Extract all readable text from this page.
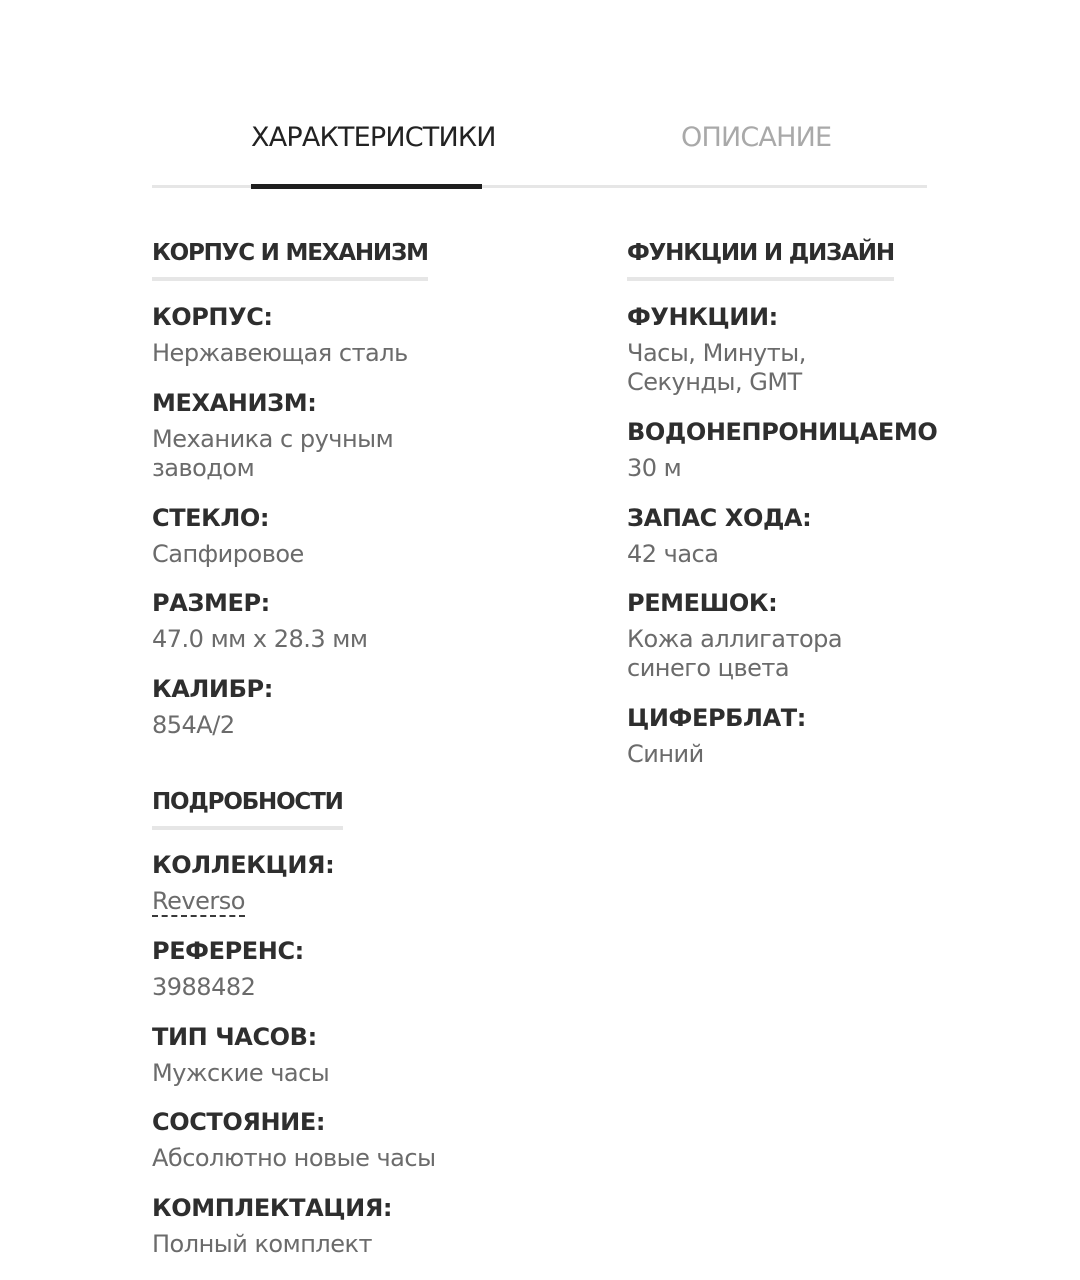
ХАРАКТЕРИСТИКИ	ОПИСАНИЕ
КОРПУС И МЕХАНИЗМ
КОРПУС:
Нержавеющая сталь
МЕХАНИЗМ:
Механика с ручным заводом
СТЕКЛО:
Сапфировое
РАЗМЕР:
47.0 мм x 28.3 мм
КАЛИБР:
854A/2
ФУНКЦИИ И ДИЗАЙН
ФУНКЦИИ:
Часы, Минуты, Секунды, GMT
ВОДОНЕПРОНИЦАЕМО
30 м
ЗАПАС ХОДА:
42 часа
РЕМЕШОК:
Кожа аллигатора синего цвета
ЦИФЕРБЛАТ:
Синий
ПОДРОБНОСТИ
КОЛЛЕКЦИЯ:
Reverso
РЕФЕРЕНС:
3988482
ТИП ЧАСОВ:
Мужские часы
СОСТОЯНИЕ:
Абсолютно новые часы
КОМПЛЕКТАЦИЯ:
Полный комплект
